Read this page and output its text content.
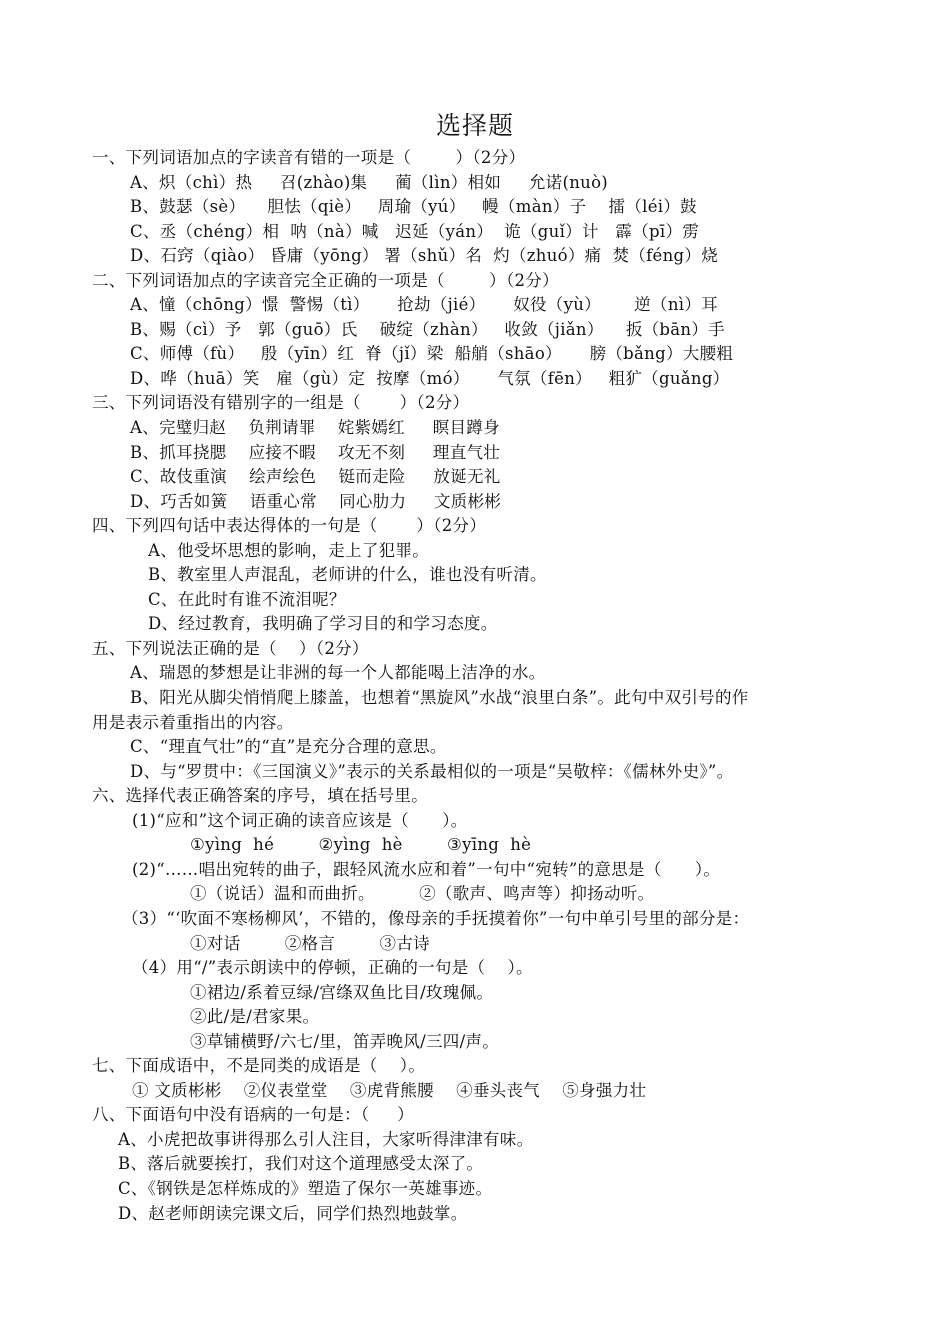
选择题
一、下列词语加点的字读音有错的一项是（        ）（2分）
A、炽（chì）热     召(zhào)集     蔺（lìn）相如     允诺(nuò)
B、鼓瑟（sè）    胆怯（qiè）   周瑜（yú）   幔（màn）子    擂（léi）鼓
C、丞（chéng）相  呐（nà）喊   迟延（yán）  诡（guǐ）计   霹（pī）雳
D、石窍（qiào） 昏庸（yōng） 署（shǔ）名  灼（zhuó）痛  焚（féng）烧
二、下列词语加点的字读音完全正确的一项是（        ）（2分）
A、憧（chōng）憬  警惕（tì）     抢劫（jié）     奴役（yù）      逆（nì）耳
B、赐（cì）予   郭（guō）氏    破绽（zhàn）   收敛（jiǎn）    扳（bān）手
C、师傅（fù）   殷（yīn）红  脊（jǐ）梁  船艄（shāo）     膀（bǎng）大腰粗
D、哗（huā）笑   雇（gù）定  按摩（mó）     气氛（fēn）   粗犷（guǎng）
三、下列词语没有错别字的一组是（       ）（2分）
A、完璧归赵    负荆请罪    姹紫嫣红     瞑目蹲身
B、抓耳挠腮    应接不暇    攻无不刻     理直气壮
C、故伎重演    绘声绘色    铤而走险     放诞无礼
D、巧舌如簧    语重心常    同心肋力     文质彬彬
四、下列四句话中表达得体的一句是（       ）（2分）
A、他受坏思想的影响，走上了犯罪。
B、教室里人声混乱，老师讲的什么，谁也没有听清。
C、在此时有谁不流泪呢？
D、经过教育，我明确了学习目的和学习态度。
五、下列说法正确的是（    ）（2分）
A、瑞恩的梦想是让非洲的每一个人都能喝上洁净的水。
B、阳光从脚尖悄悄爬上膝盖，也想着“黑旋风”水战“浪里白条”。此句中双引号的作
用是表示着重指出的内容。
C、“理直气壮”的“直”是充分合理的意思。
D、与“罗贯中：《三国演义》”表示的关系最相似的一项是“吴敬梓：《儒林外史》”。
六、选择代表正确答案的序号，填在括号里。
(1)“应和”这个词正确的读音应该是（      ）。
①yìng  hé        ②yìng  hè        ③yīng  hè
(2)“……唱出宛转的曲子，跟轻风流水应和着”一句中“宛转”的意思是（      ）。
①（说话）温和而曲折。        ②（歌声、鸣声等）抑扬动听。
（3）“‘吹面不寒杨柳风’，不错的，像母亲的手抚摸着你”一句中单引号里的部分是：
①对话        ②格言        ③古诗
（4）用“/”表示朗读中的停顿，正确的一句是（    ）。
①裙边/系着豆绿/宫绦双鱼比目/玫瑰佩。
②此/是/君家果。
③草铺横野/六七/里，笛弄晚风/三四/声。
七、下面成语中，不是同类的成语是（    ）。
① 文质彬彬    ②仪表堂堂    ③虎背熊腰    ④垂头丧气    ⑤身强力壮
八、下面语句中没有语病的一句是：（     ）
A、小虎把故事讲得那么引人注目，大家听得津津有味。
B、落后就要挨打，我们对这个道理感受太深了。
C、《钢铁是怎样炼成的》塑造了保尔一英雄事迹。
D、赵老师朗读完课文后，同学们热烈地鼓掌。
